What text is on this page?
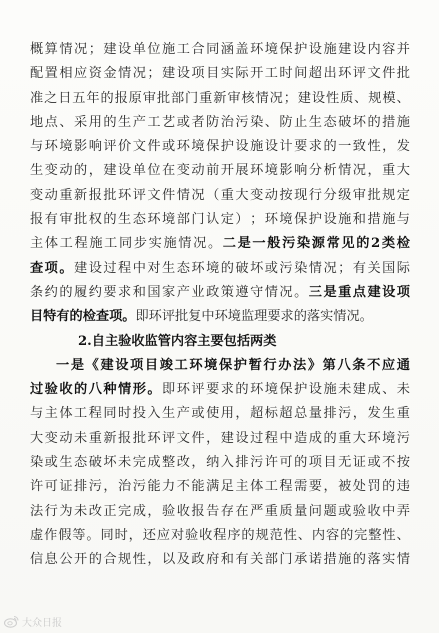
概 算 情 况 ； 建 设 单 位 施 工 合 同 涵 盖 环 境 保 护 设 施 建 设 内 容 并
配 置 相 应 资 金 情 况 ； 建 设 项 目 实 际 开 工 时 间 超 出 环 评 文 件 批
准 之 日 五 年 的 报 原 审 批 部 门 重 新 审 核 情 况 ； 建 设 性 质 、 规 模 、
地 点 、 采 用 的 生 产 工 艺 或 者 防 治 污 染 、 防 止 生 态 破 坏 的 措 施
与 环 境 影 响 评 价 文 件 或 环 境 保 护 设 施 设 计 要 求 的 一 致 性 ， 发
生 变 动 的 ， 建 设 单 位 在 变 动 前 开 展 环 境 影 响 分 析 情 况 ， 重 大
变 动 重 新 报 批 环 评 文 件 情 况 （ 重 大 变 动 按 现 行 分 级 审 批 规 定
报 有 审 批 权 的 生 态 环 境 部 门 认 定 ） ； 环 境 保 护 设 施 和 措 施 与
主 体 工 程 施 工 同 步 实 施 情 况 。 二 是 一 般 污 染 源 常 见 的 2 类 检
查 项 。 建 设 过 程 中 对 生 态 环 境 的 破 坏 或 污 染 情 况 ； 有 关 国 际
条 约 的 履 约 要 求 和 国 家 产 业 政 策 遵 守 情 况 。 三 是 重 点 建 设 项
目特有的检查项。 即环评批复中环境监理要求的落实情况。
2.自主验收监管内容主要包括两类
一 是 《 建 设 项 目 竣 工 环 境 保 护 暂 行 办 法 》 第 八 条 不 应 通
过 验 收 的 八 种 情 形 。 即 环 评 要 求 的 环 境 保 护 设 施 未 建 成 、 未
与 主 体 工 程 同 时 投 入 生 产 或 使 用 ， 超 标 超 总 量 排 污 ， 发 生 重
大 变 动 未 重 新 报 批 环 评 文 件 ， 建 设 过 程 中 造 成 的 重 大 环 境 污
染 或 生 态 破 坏 未 完 成 整 改 ， 纳 入 排 污 许 可 的 项 目 无 证 或 不 按
许 可 证 排 污 ， 治 污 能 力 不 能 满 足 主 体 工 程 需 要 ， 被 处 罚 的 违
法 行 为 未 改 正 完 成 ， 验 收 报 告 存 在 严 重 质 量 问 题 或 验 收 中 弄
虚 作 假 等 。 同 时 ， 还 应 对 验 收 程 序 的 规 范 性 、 内 容 的 完 整 性 、
信 息 公 开 的 合 规 性 ， 以 及 政 府 和 有 关 部 门 承 诺 措 施 的 落 实 情
大众日报
